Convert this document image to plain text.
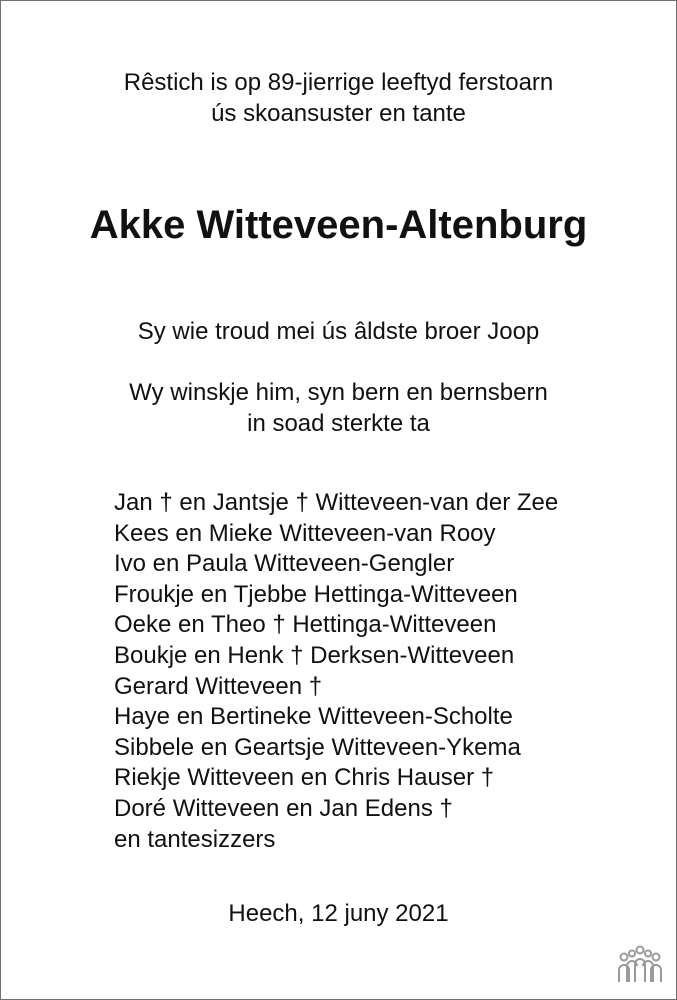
Rêstich is op 89-jierrige leeftyd ferstoarn
ús skoansuster en tante
Akke Witteveen-Altenburg
Sy wie troud mei ús âldste broer Joop
Wy winskje him, syn bern en bernsbern
in soad sterkte ta
Jan † en Jantsje † Witteveen-van der Zee
Kees en Mieke Witteveen-van Rooy
Ivo en Paula Witteveen-Gengler
Froukje en Tjebbe Hettinga-Witteveen
Oeke en Theo † Hettinga-Witteveen
Boukje en Henk † Derksen-Witteveen
Gerard Witteveen †
Haye en Bertineke Witteveen-Scholte
Sibbele en Geartsje Witteveen-Ykema
Riekje Witteveen en Chris Hauser †
Doré Witteveen en Jan Edens †
en tantesizzers
Heech, 12 juny 2021
